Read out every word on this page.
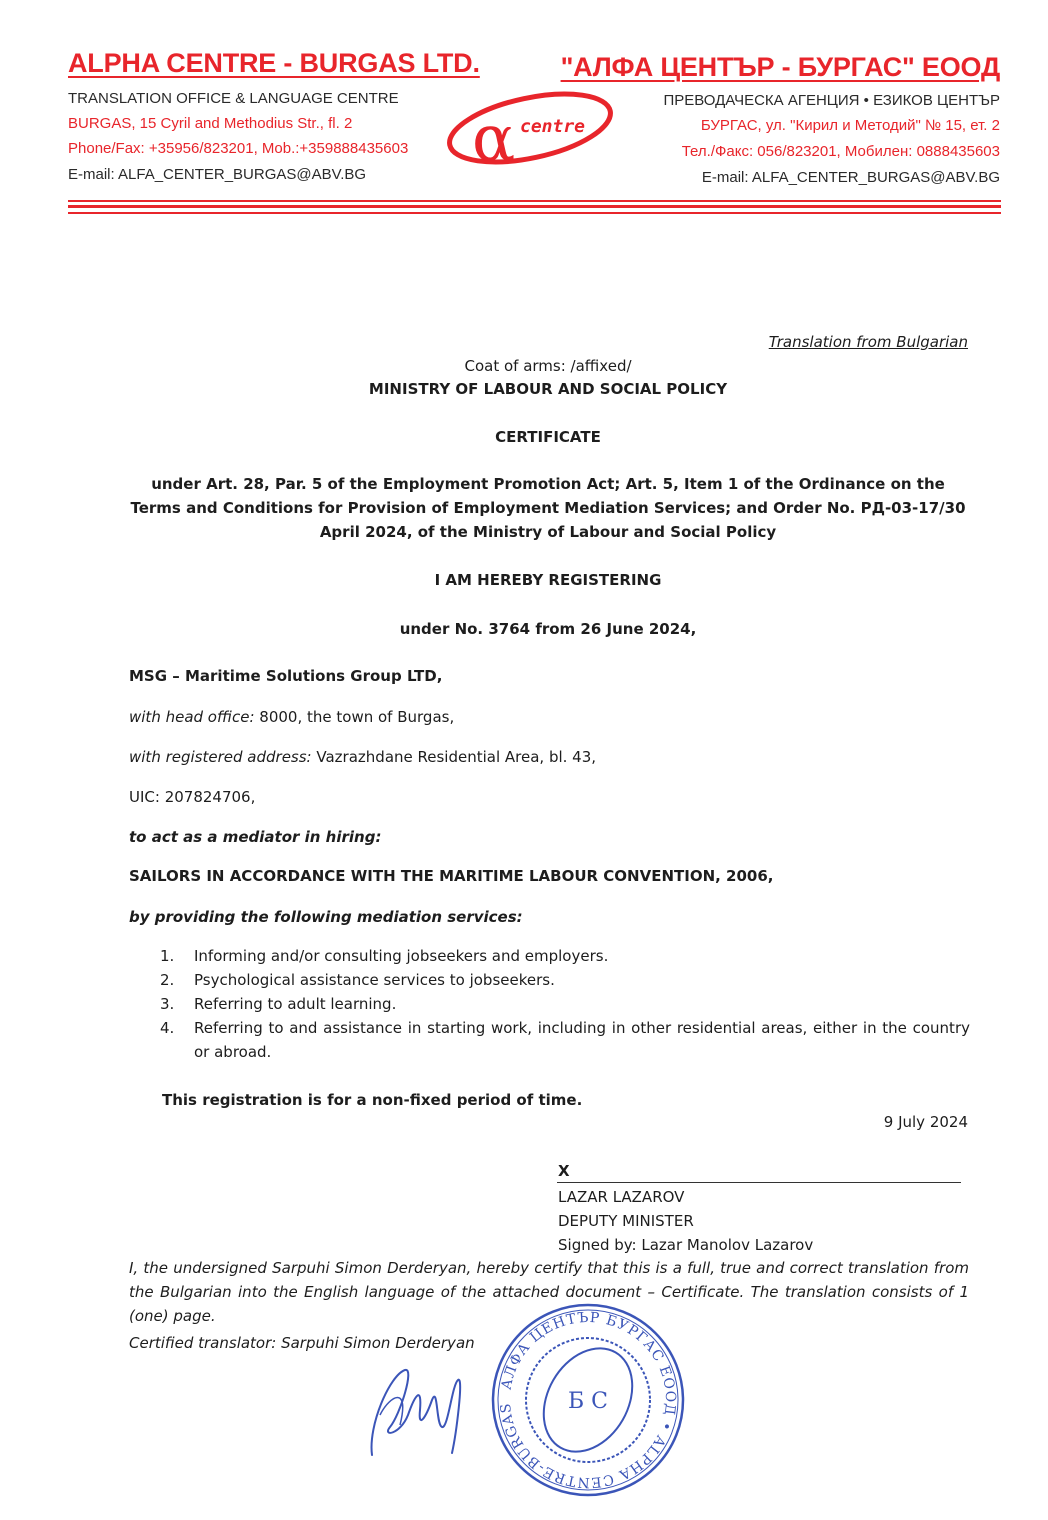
ALPHA CENTRE - BURGAS LTD.
TRANSLATION OFFICE & LANGUAGE CENTRE
BURGAS, 15 Cyril and Methodius Str., fl. 2
Phone/Fax: +35956/823201, Mob.:+359888435603
E-mail: ALFA_CENTER_BURGAS@ABV.BG
"АЛФА ЦЕНТЪР - БУРГАС" ЕООД
ПРЕВОДАЧЕСКА АГЕНЦИЯ • ЕЗИКОВ ЦЕНТЪР
БУРГАС, ул. "Кирил и Методий" № 15, ет. 2
Тел./Факс: 056/823201, Мобилен: 0888435603
E-mail: ALFA_CENTER_BURGAS@ABV.BG
α centre
Translation from Bulgarian
Coat of arms: /affixed/
MINISTRY OF LABOUR AND SOCIAL POLICY
CERTIFICATE
under Art. 28, Par. 5 of the Employment Promotion Act; Art. 5, Item 1 of the Ordinance on the Terms and Conditions for Provision of Employment Mediation Services; and Order No. РД-03-17/30 April 2024, of the Ministry of Labour and Social Policy
I AM HEREBY REGISTERING
under No. 3764 from 26 June 2024,
MSG – Maritime Solutions Group LTD,
with head office: 8000, the town of Burgas,
with registered address: Vazrazhdane Residential Area, bl. 43,
UIC: 207824706,
to act as a mediator in hiring:
SAILORS IN ACCORDANCE WITH THE MARITIME LABOUR CONVENTION, 2006,
by providing the following mediation services:
1. Informing and/or consulting jobseekers and employers.
2. Psychological assistance services to jobseekers.
3. Referring to adult learning.
4. Referring to and assistance in starting work, including in other residential areas, either in the country or abroad.
This registration is for a non-fixed period of time.
9 July 2024
X
LAZAR LAZAROV
DEPUTY MINISTER
Signed by: Lazar Manolov Lazarov
I, the undersigned Sarpuhi Simon Derderyan, hereby certify that this is a full, true and correct translation from the Bulgarian into the English language of the attached document – Certificate. The translation consists of 1 (one) page.
Certified translator: Sarpuhi Simon Derderyan
АЛФА ЦЕНТЪР БУРГАС ЕООД • ALPHA CENTRE-BURGAS	Б С
